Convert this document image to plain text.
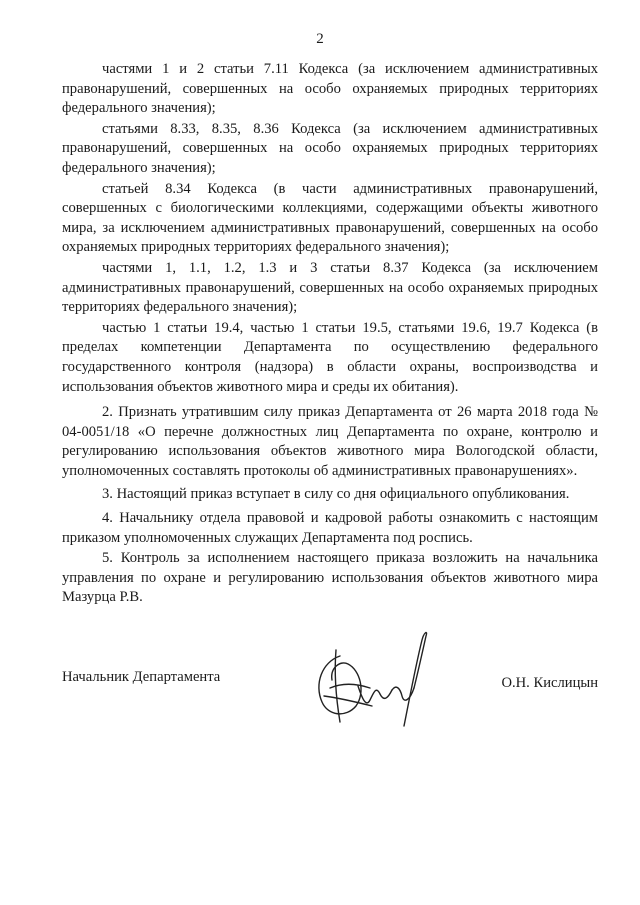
2

частями 1 и 2 статьи 7.11 Кодекса (за исключением административных правонарушений, совершенных на особо охраняемых природных территориях федерального значения);

статьями 8.33, 8.35, 8.36 Кодекса (за исключением административных правонарушений, совершенных на особо охраняемых природных территориях федерального значения);

статьей 8.34 Кодекса (в части административных правонарушений, совершенных с биологическими коллекциями, содержащими объекты животного мира, за исключением административных правонарушений, совершенных на особо охраняемых природных территориях федерального значения);

частями 1, 1.1, 1.2, 1.3 и 3 статьи 8.37 Кодекса (за исключением административных правонарушений, совершенных на особо охраняемых природных территориях федерального значения);

частью 1 статьи 19.4, частью 1 статьи 19.5, статьями 19.6, 19.7 Кодекса (в пределах компетенции Департамента по осуществлению федерального государственного контроля (надзора) в области охраны, воспроизводства и использования объектов животного мира и среды их обитания).

2. Признать утратившим силу приказ Департамента от 26 марта 2018 года № 04-0051/18 «О перечне должностных лиц Департамента по охране, контролю и регулированию использования объектов животного мира Вологодской области, уполномоченных составлять протоколы об административных правонарушениях».

3. Настоящий приказ вступает в силу со дня официального опубликования.

4. Начальнику отдела правовой и кадровой работы ознакомить с настоящим приказом уполномоченных служащих Департамента под роспись.

5. Контроль за исполнением настоящего приказа возложить на начальника управления по охране и регулированию использования объектов животного мира Мазурца Р.В.

Начальник Департамента	О.Н. Кислицын
